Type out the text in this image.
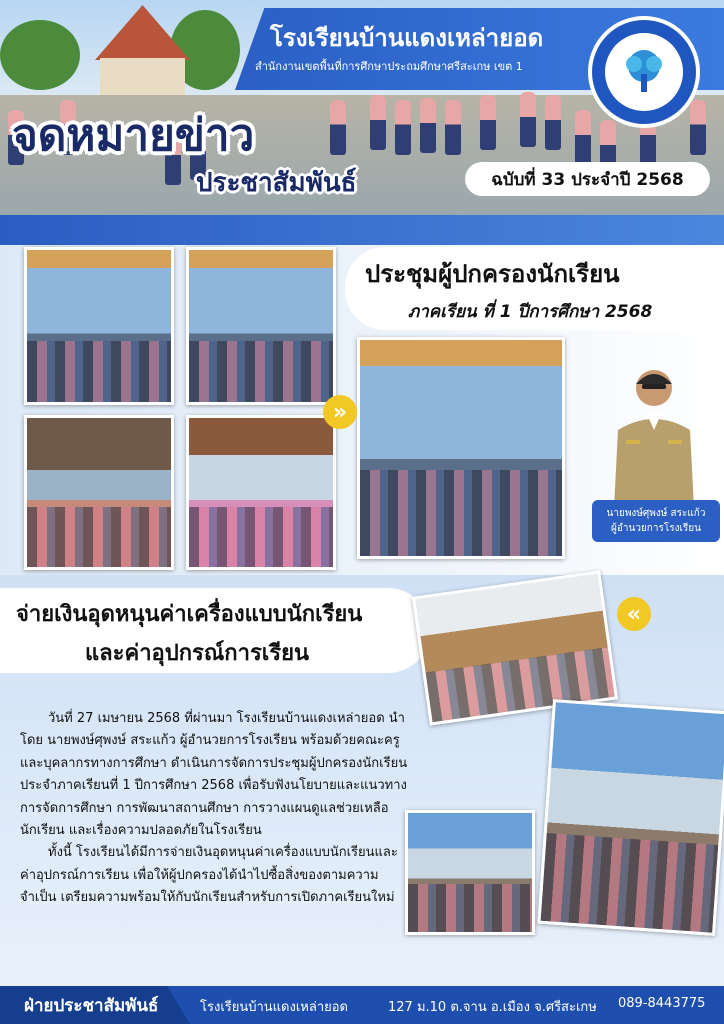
โรงเรียนบ้านแดงเหล่ายอด
สำนักงานเขตพื้นที่การศึกษาประถมศึกษาศรีสะเกษ เขต 1
จดหมายข่าว
ประชาสัมพันธ์	ฉบับที่ 33 ประจำปี 2568
ประชุมผู้ปกครองนักเรียน
ภาคเรียน ที่ 1 ปีการศึกษา 2568
»
นายพงษ์ศุพงษ์ สระแก้ว
ผู้อำนวยการโรงเรียน
จ่ายเงินอุดหนุนค่าเครื่องแบบนักเรียน
และค่าอุปกรณ์การเรียน
«

วันที่ 27 เมษายน 2568 ที่ผ่านมา โรงเรียนบ้านแดงเหล่ายอด นำโดย นายพงษ์ศุพงษ์ สระแก้ว ผู้อำนวยการโรงเรียน พร้อมด้วยคณะครูและบุคลากรทางการศึกษา ดำเนินการจัดการประชุมผู้ปกครองนักเรียน ประจำภาคเรียนที่ 1 ปีการศึกษา 2568 เพื่อรับฟังนโยบายและแนวทางการจัดการศึกษา การพัฒนาสถานศึกษา การวางแผนดูแลช่วยเหลือนักเรียน และเรื่องความปลอดภัยในโรงเรียน

ทั้งนี้ โรงเรียนได้มีการจ่ายเงินอุดหนุนค่าเครื่องแบบนักเรียนและค่าอุปกรณ์การเรียน เพื่อให้ผู้ปกครองได้นำไปซื้อสิ่งของตามความจำเป็น เตรียมความพร้อมให้กับนักเรียนสำหรับการเปิดภาคเรียนใหม่

ฝ่ายประชาสัมพันธ์	โรงเรียนบ้านแดงเหล่ายอด	127 ม.10 ต.จาน อ.เมือง จ.ศรีสะเกษ 089-8443775
